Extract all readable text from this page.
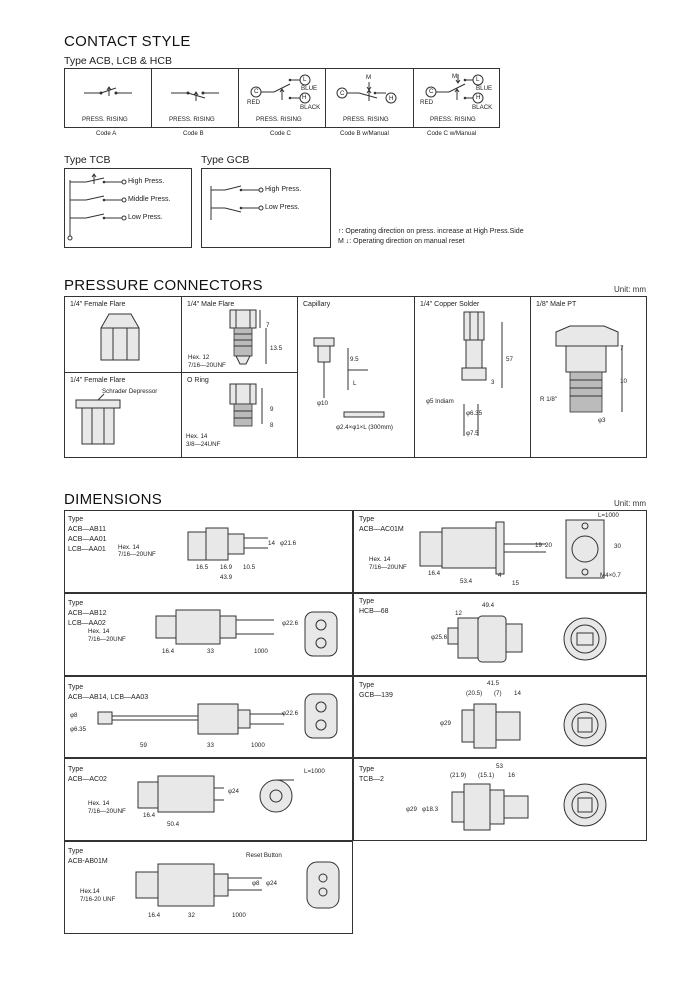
CONTACT STYLE
Type ACB, LCB & HCB
PRESS. RISING
Code A
PRESS. RISING
Code B
C
L
H
BLUE
RED
BLACK
PRESS. RISING
Code C
M
C
H
PRESS. RISING
Code B w/Manual
M
C
L
H
BLUE
RED
BLACK
PRESS. RISING
Code C w/Manual
Type TCB
High Press.
Middle Press.
Low Press.
Type GCB
High Press.
Low Press.
↑: Operating direction on press. increase at High Press.Side
M ↓: Operating direction on manual reset
PRESSURE CONNECTORS	Unit: mm
1/4" Female Flare	1/4" Male Flare	Capillary	1/4" Copper Solder	1/8" Male PT
1/4" Female Flare	O Ring
7
13.5
Hex. 12
7/16—20UNF
9.5
L
φ10
φ2.4×φ1×L (300mm)
57
3
φ5 Indiam
φ6.35
φ7.5
7
10
R 1/8"
φ3
Schrader Depressor
9
8
Hex. 14
3/8—24UNF
DIMENSIONS	Unit: mm
Type
ACB—AB11
ACB—AA01
LCB—AA01 Hex. 14
7/16—20UNF
16.5 16.9 10.5
43.9
14 φ21.6
Type
ACB—AC01M
Hex. 14
7/16—20UNF
L=1000
16.4
53.4
4
15
19 20	30
M4×0.7
Type
ACB—AB12
LCB—AA02
Hex. 14
7/16—20UNF
16.4	33	1000
φ22.6
Type
HCB—68
49.4
12
φ25.6
Type
ACB—AB14, LCB—AA03
59	33	1000
φ8
φ6.35
φ22.6
Type
GCB—139
41.5
(20.5) (7) 14
φ29
Type
ACB—AC02
Hex. 14
7/16—20UNF
L=1000
16.4
50.4
φ24
Type
TCB—2
53
(21.9) (15.1) 16
φ29 φ18.3
Type
ACB-AB01M
Hex.14
7/16-20 UNF
Reset Button
16.4	32	1000
φ8 φ24
